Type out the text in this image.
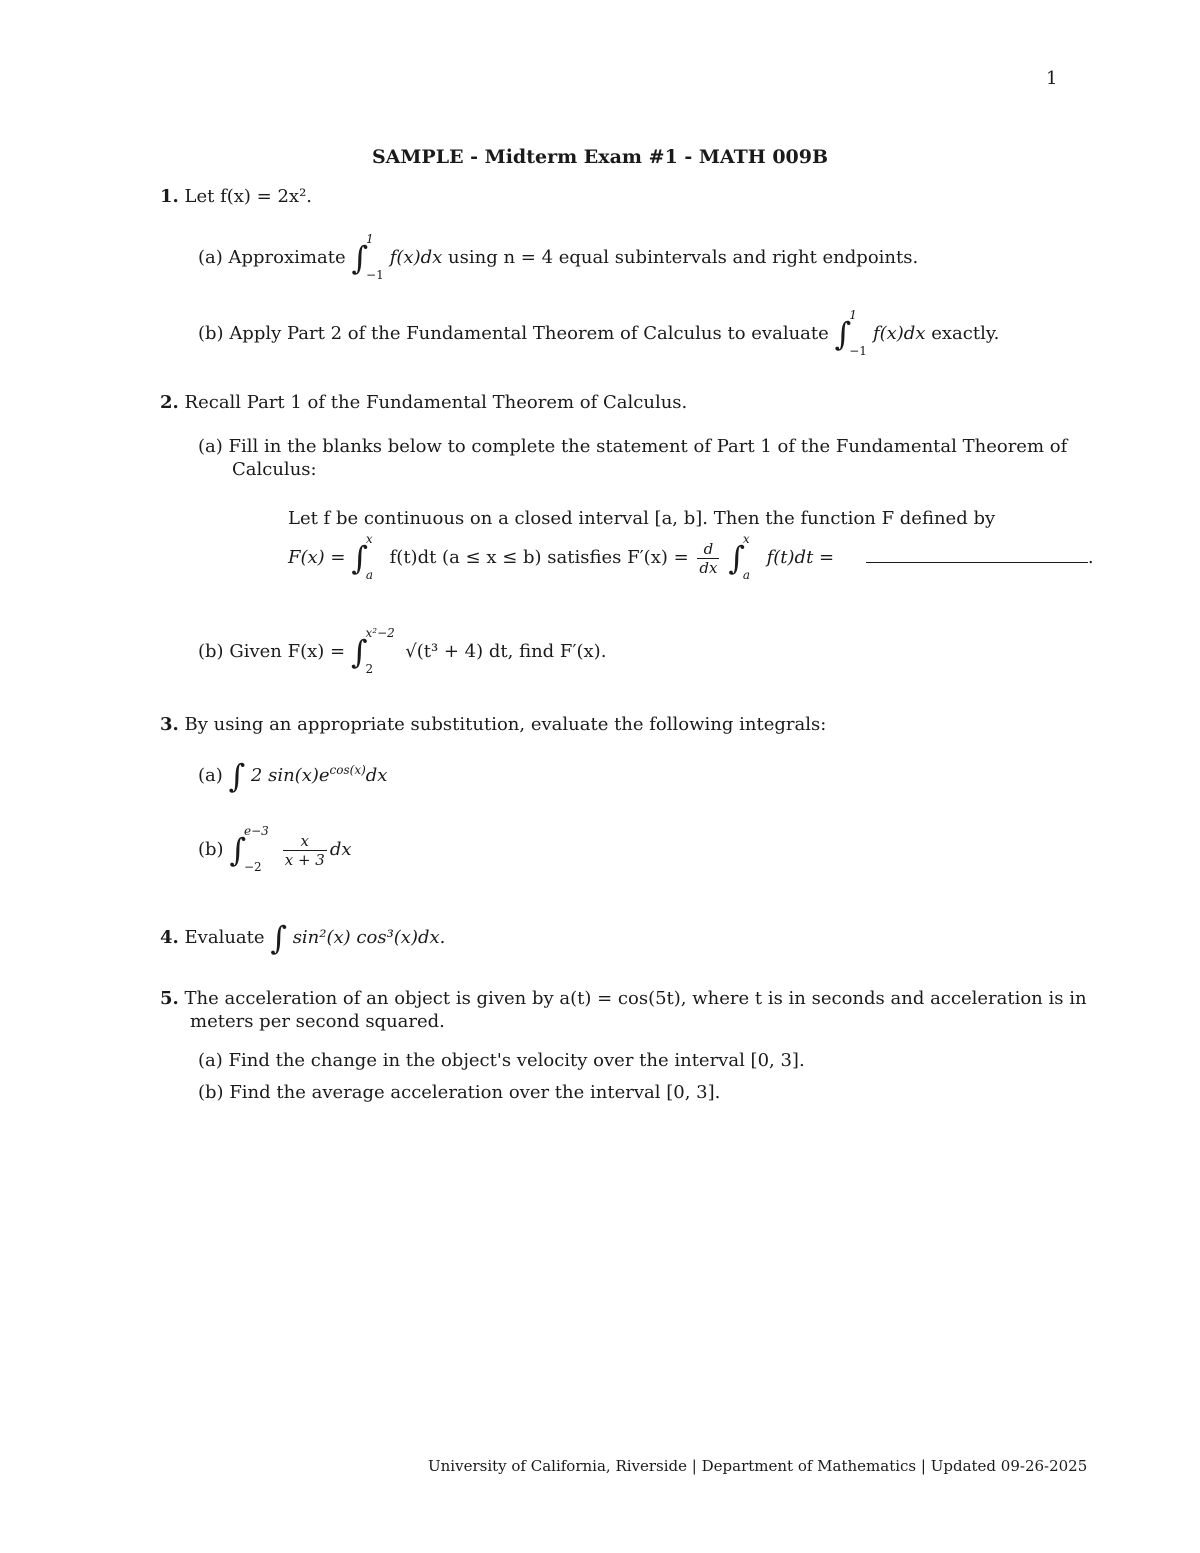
1
SAMPLE - Midterm Exam #1 - MATH 009B
1. Let f(x) = 2x².
(a) Approximate ∫
1
−1
f(x)dx using n = 4 equal subintervals and right endpoints.
(b) Apply Part 2 of the Fundamental Theorem of Calculus to evaluate ∫
1
−1
f(x)dx exactly.
2. Recall Part 1 of the Fundamental Theorem of Calculus.
(a) Fill in the blanks below to complete the statement of Part 1 of the Fundamental Theorem of
Calculus:
Let f be continuous on a closed interval [a, b]. Then the function F defined by
F(x) = ∫
x
a
f(t)dt (a ≤ x ≤ b) satisfies $F'(x) = \frac{d}{dx}$ ∫
x
a
f(t)dt =	.
(b) Given F(x) = ∫
x²−2
2
√(t³ + 4) dt, find F′(x).
3. By using an appropriate substitution, evaluate the following integrals:
(a) ∫ 2 $\sin(x)e^{cos(x)}dx$
(b) ∫
e−3
−2
$\frac{x}{x + 3}$ dx
4. Evaluate ∫ sin²(x) cos³(x)dx.
5. The acceleration of an object is given by a(t) = cos(5t), where t is in seconds and acceleration is in
meters per second squared.
(a) Find the change in the object's velocity over the interval [0, 3].
(b) Find the average acceleration over the interval [0, 3].
University of California, Riverside | Department of Mathematics | Updated 09-26-2025
